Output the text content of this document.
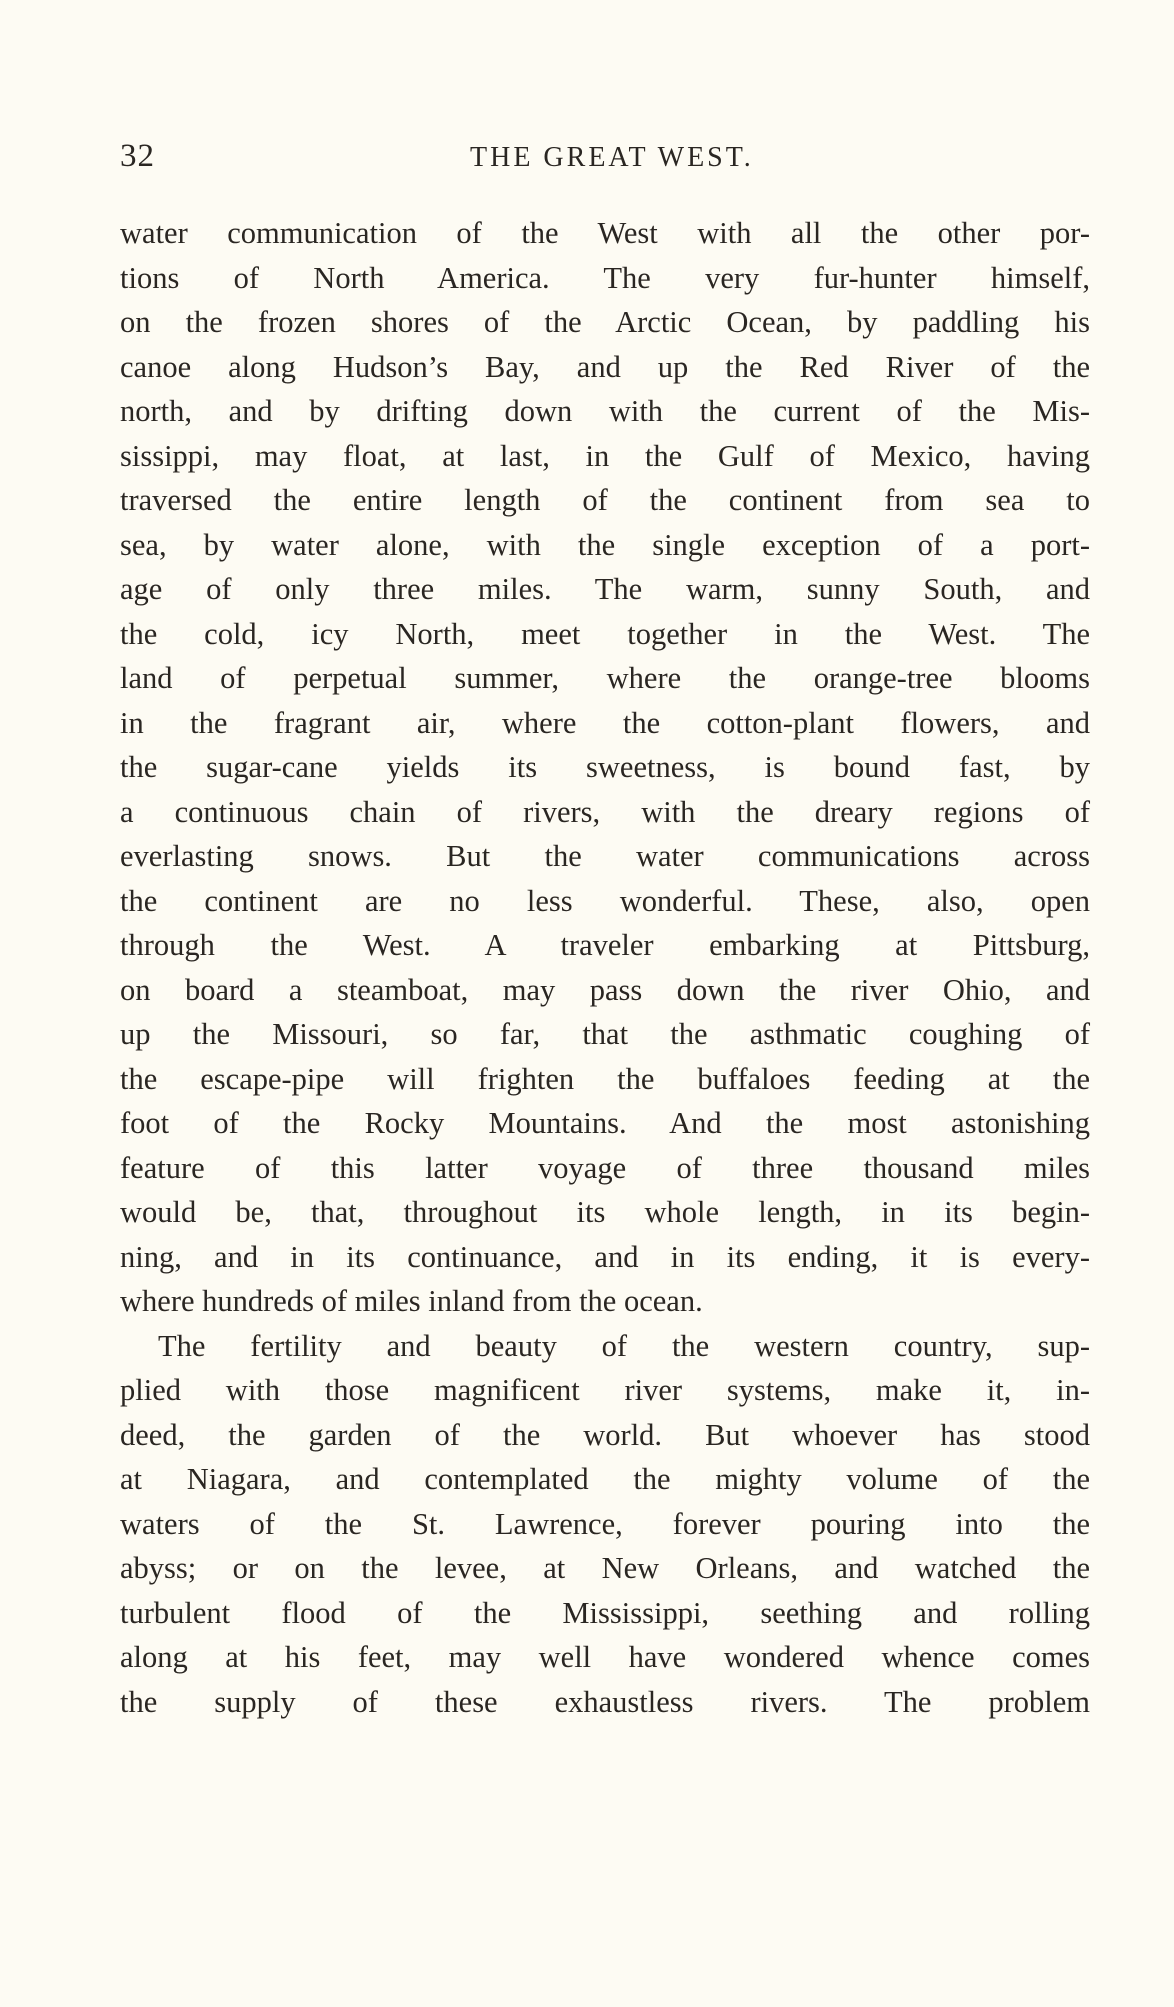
32	THE GREAT WEST.
water communication of the West with all the other por-
tions of North America. The very fur-hunter himself,
on the frozen shores of the Arctic Ocean, by paddling his
canoe along Hudson’s Bay, and up the Red River of the
north, and by drifting down with the current of the Mis-
sissippi, may float, at last, in the Gulf of Mexico, having
traversed the entire length of the continent from sea to
sea, by water alone, with the single exception of a port-
age of only three miles. The warm, sunny South, and
the cold, icy North, meet together in the West. The
land of perpetual summer, where the orange-tree blooms
in the fragrant air, where the cotton-plant flowers, and
the sugar-cane yields its sweetness, is bound fast, by
a continuous chain of rivers, with the dreary regions of
everlasting snows. But the water communications across
the continent are no less wonderful. These, also, open
through the West. A traveler embarking at Pittsburg,
on board a steamboat, may pass down the river Ohio, and
up the Missouri, so far, that the asthmatic coughing of
the escape-pipe will frighten the buffaloes feeding at the
foot of the Rocky Mountains. And the most astonishing
feature of this latter voyage of three thousand miles
would be, that, throughout its whole length, in its begin-
ning, and in its continuance, and in its ending, it is every-
where hundreds of miles inland from the ocean.
The fertility and beauty of the western country, sup-
plied with those magnificent river systems, make it, in-
deed, the garden of the world. But whoever has stood
at Niagara, and contemplated the mighty volume of the
waters of the St. Lawrence, forever pouring into the
abyss; or on the levee, at New Orleans, and watched the
turbulent flood of the Mississippi, seething and rolling
along at his feet, may well have wondered whence comes
the supply of these exhaustless rivers. The problem
